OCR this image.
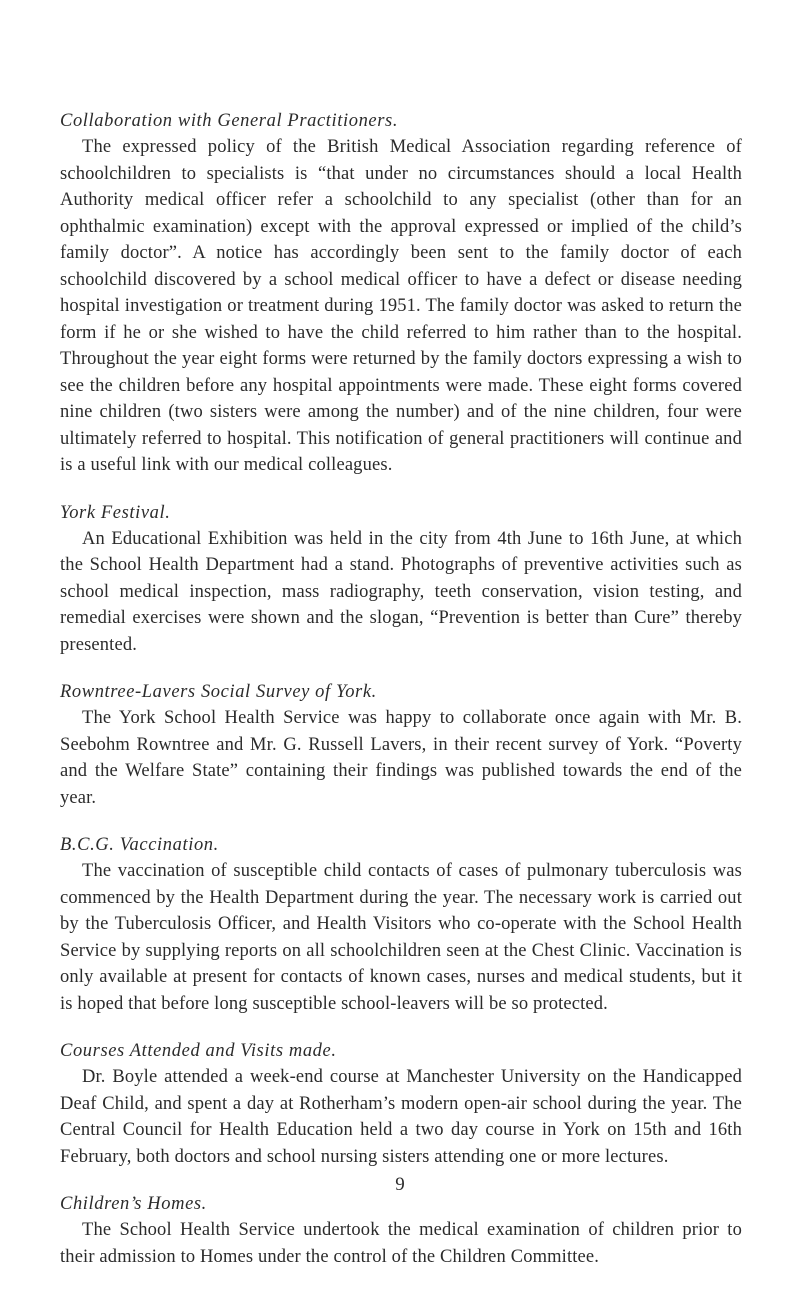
Collaboration with General Practitioners.

The expressed policy of the British Medical Association regarding reference of schoolchildren to specialists is “that under no circumstances should a local Health Authority medical officer refer a schoolchild to any specialist (other than for an ophthalmic examination) except with the approval expressed or implied of the child’s family doctor”. A notice has accordingly been sent to the family doctor of each schoolchild discovered by a school medical officer to have a defect or disease needing hospital investigation or treatment during 1951. The family doctor was asked to return the form if he or she wished to have the child referred to him rather than to the hospital. Throughout the year eight forms were returned by the family doctors expressing a wish to see the children before any hospital appointments were made. These eight forms covered nine children (two sisters were among the number) and of the nine children, four were ultimately referred to hospital. This notification of general practitioners will continue and is a useful link with our medical colleagues.

York Festival.

An Educational Exhibition was held in the city from 4th June to 16th June, at which the School Health Department had a stand. Photographs of preventive activities such as school medical inspection, mass radiography, teeth conservation, vision testing, and remedial exercises were shown and the slogan, “Prevention is better than Cure” thereby presented.

Rowntree-Lavers Social Survey of York.

The York School Health Service was happy to collaborate once again with Mr. B. Seebohm Rowntree and Mr. G. Russell Lavers, in their recent survey of York. “Poverty and the Welfare State” containing their findings was published towards the end of the year.

B.C.G. Vaccination.

The vaccination of susceptible child contacts of cases of pulmonary tuberculosis was commenced by the Health Department during the year. The necessary work is carried out by the Tuberculosis Officer, and Health Visitors who co-operate with the School Health Service by supplying reports on all schoolchildren seen at the Chest Clinic. Vaccination is only available at present for contacts of known cases, nurses and medical students, but it is hoped that before long susceptible school-leavers will be so protected.

Courses Attended and Visits made.

Dr. Boyle attended a week-end course at Manchester University on the Handicapped Deaf Child, and spent a day at Rotherham’s modern open-air school during the year. The Central Council for Health Education held a two day course in York on 15th and 16th February, both doctors and school nursing sisters attending one or more lectures.

Children’s Homes.

The School Health Service undertook the medical examination of children prior to their admission to Homes under the control of the Children Committee.

9
